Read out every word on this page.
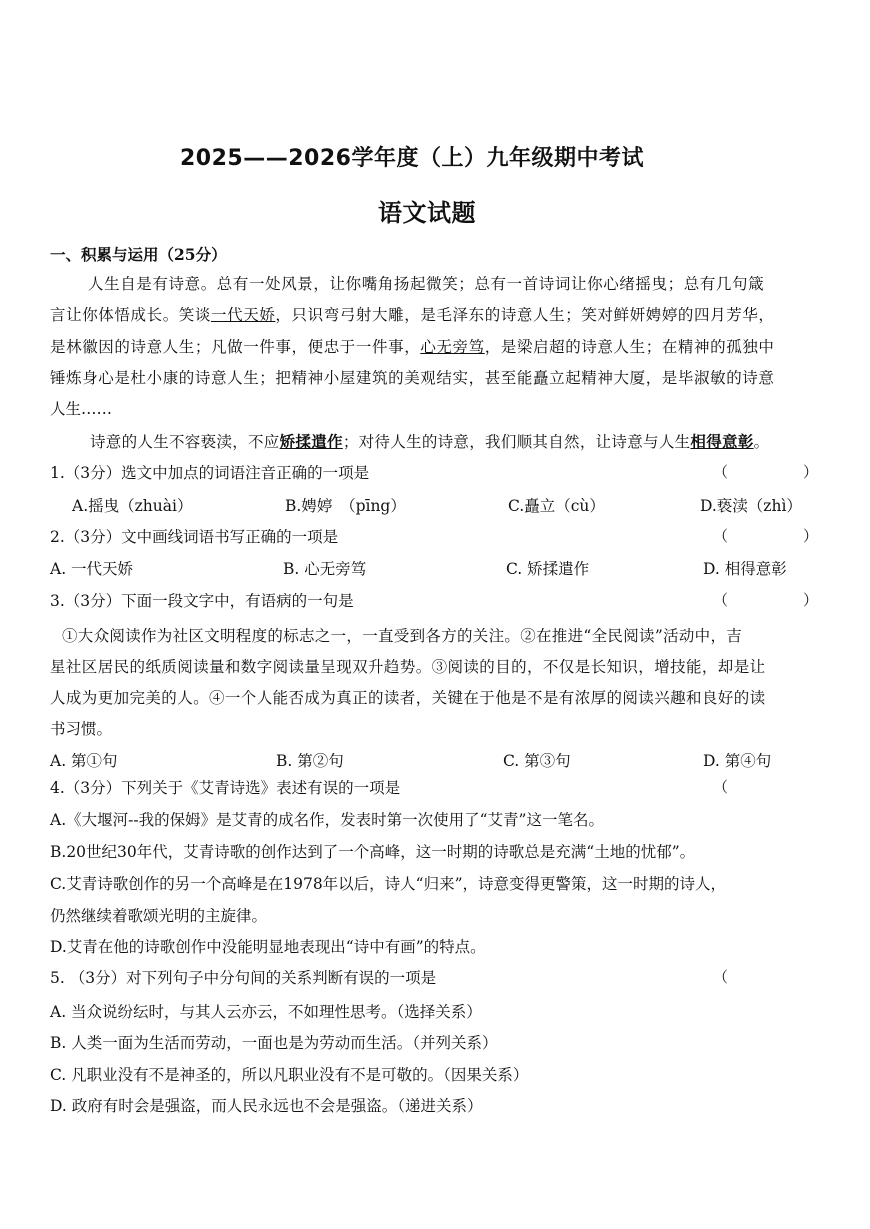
2025——2026学年度（上）九年级期中考试
语文试题
一、积累与运用（25分）
人生自是有诗意。总有一处风景，让你嘴角扬起微笑；总有一首诗词让你心绪摇曳；总有几句箴
言让你体悟成长。笑谈一代天娇，只识弯弓射大雕，是毛泽东的诗意人生；笑对鲜妍娉婷的四月芳华，
是林徽因的诗意人生；凡做一件事，便忠于一件事，心无旁笃，是梁启超的诗意人生；在精神的孤独中
锤炼身心是杜小康的诗意人生；把精神小屋建筑的美观结实，甚至能矗立起精神大厦，是毕淑敏的诗意
人生……
诗意的人生不容亵渎，不应矫揉遣作；对待人生的诗意，我们顺其自然，让诗意与人生相得意彰。
1.（3分）选文中加点的词语注音正确的一项是	（　　　　　）
A.摇曳（zhuài）	B.娉婷　（pīng）	C.矗立（cù）	D.亵渎（zhì）
2.（3分）文中画线词语书写正确的一项是	（　　　　　）
A. 一代天娇	B. 心无旁笃	C. 矫揉遣作	D. 相得意彰
3.（3分）下面一段文字中，有语病的一句是	（　　　　　）
①大众阅读作为社区文明程度的标志之一，一直受到各方的关注。②在推进“全民阅读”活动中，吉
星社区居民的纸质阅读量和数字阅读量呈现双升趋势。③阅读的目的，不仅是长知识，增技能，却是让
人成为更加完美的人。④一个人能否成为真正的读者，关键在于他是不是有浓厚的阅读兴趣和良好的读
书习惯。
A. 第①句	B. 第②句	C. 第③句	D. 第④句
4.（3分）下列关于《艾青诗选》表述有误的一项是	（
A.《大堰河--我的保姆》是艾青的成名作，发表时第一次使用了“艾青”这一笔名。
B.20世纪30年代，艾青诗歌的创作达到了一个高峰，这一时期的诗歌总是充满“土地的忧郁”。
C.艾青诗歌创作的另一个高峰是在1978年以后，诗人“归来”，诗意变得更警策，这一时期的诗人，
仍然继续着歌颂光明的主旋律。
D.艾青在他的诗歌创作中没能明显地表现出“诗中有画”的特点。
5. （3分）对下列句子中分句间的关系判断有误的一项是	（
A. 当众说纷纭时，与其人云亦云，不如理性思考。（选择关系）
B. 人类一面为生活而劳动，一面也是为劳动而生活。（并列关系）
C. 凡职业没有不是神圣的，所以凡职业没有不是可敬的。（因果关系）
D. 政府有时会是强盗，而人民永远也不会是强盗。（递进关系）
